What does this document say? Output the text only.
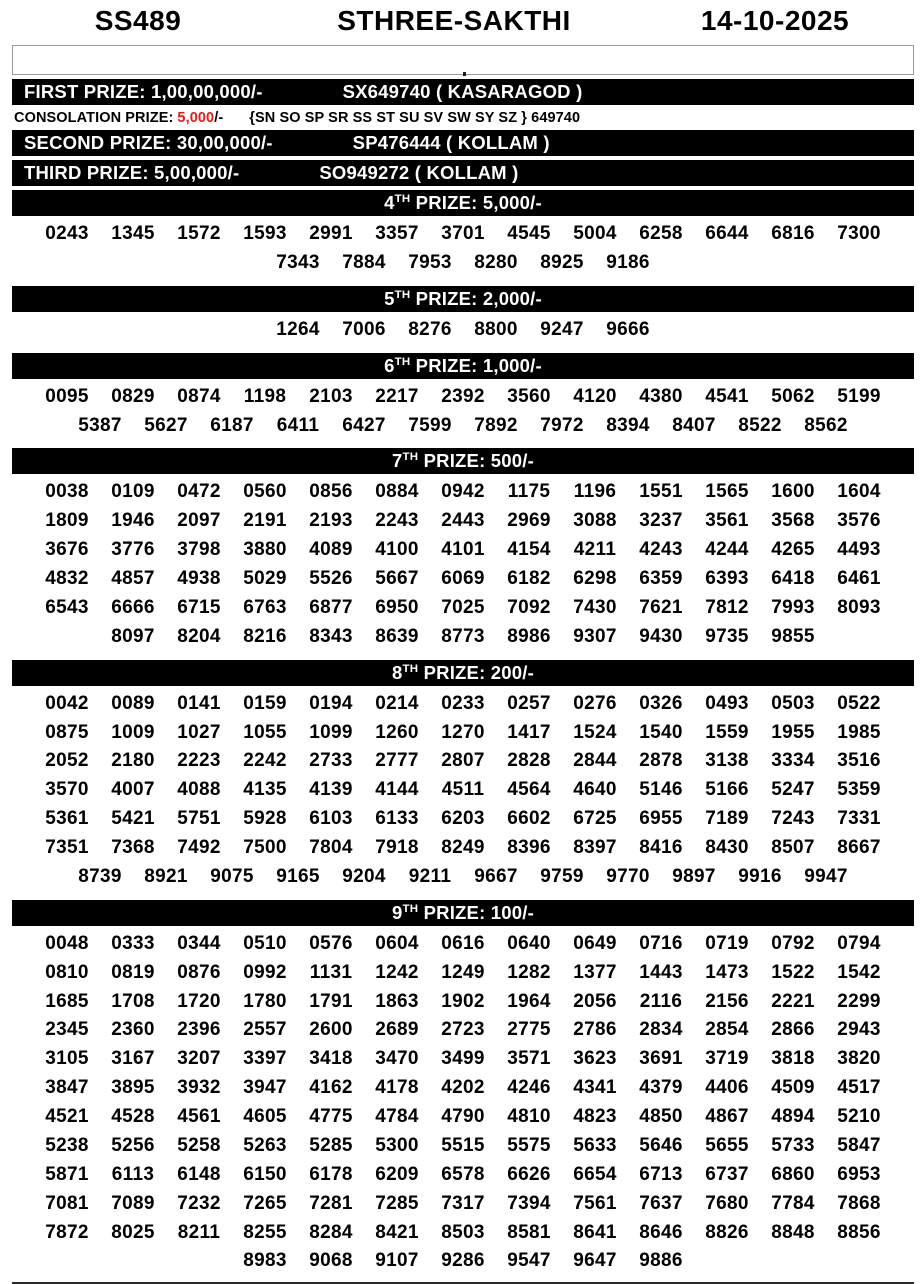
SS489	STHREE-SAKTHI	14-10-2025
FIRST PRIZE: 1,00,00,000/-	SX649740 ( KASARAGOD )
CONSOLATION PRIZE: 5,000 /- {SN SO SP SR SS ST SU SV SW SY SZ } 649740
SECOND PRIZE: 30,00,000/-	SP476444 ( KOLLAM )
THIRD PRIZE: 5,00,000/-	SO949272 ( KOLLAM )
4TH PRIZE: 5,000/-
0243	1345	1572	1593	2991	3357	3701	4545	5004	6258	6644	6816	7300
7343	7884	7953	8280	8925	9186
5TH PRIZE: 2,000/-
1264	7006	8276	8800	9247	9666
6TH PRIZE: 1,000/-
0095	0829	0874	1198	2103	2217	2392	3560	4120	4380	4541	5062	5199
5387	5627	6187	6411	6427	7599	7892	7972	8394	8407	8522	8562
7TH PRIZE: 500/-
0038	0109	0472	0560	0856	0884	0942	1175	1196	1551	1565	1600	1604
1809	1946	2097	2191	2193	2243	2443	2969	3088	3237	3561	3568	3576
3676	3776	3798	3880	4089	4100	4101	4154	4211	4243	4244	4265	4493
4832	4857	4938	5029	5526	5667	6069	6182	6298	6359	6393	6418	6461
6543	6666	6715	6763	6877	6950	7025	7092	7430	7621	7812	7993	8093
8097	8204	8216	8343	8639	8773	8986	9307	9430	9735	9855
8TH PRIZE: 200/-
0042	0089	0141	0159	0194	0214	0233	0257	0276	0326	0493	0503	0522
0875	1009	1027	1055	1099	1260	1270	1417	1524	1540	1559	1955	1985
2052	2180	2223	2242	2733	2777	2807	2828	2844	2878	3138	3334	3516
3570	4007	4088	4135	4139	4144	4511	4564	4640	5146	5166	5247	5359
5361	5421	5751	5928	6103	6133	6203	6602	6725	6955	7189	7243	7331
7351	7368	7492	7500	7804	7918	8249	8396	8397	8416	8430	8507	8667
8739	8921	9075	9165	9204	9211	9667	9759	9770	9897	9916	9947
9TH PRIZE: 100/-
0048	0333	0344	0510	0576	0604	0616	0640	0649	0716	0719	0792	0794
0810	0819	0876	0992	1131	1242	1249	1282	1377	1443	1473	1522	1542
1685	1708	1720	1780	1791	1863	1902	1964	2056	2116	2156	2221	2299
2345	2360	2396	2557	2600	2689	2723	2775	2786	2834	2854	2866	2943
3105	3167	3207	3397	3418	3470	3499	3571	3623	3691	3719	3818	3820
3847	3895	3932	3947	4162	4178	4202	4246	4341	4379	4406	4509	4517
4521	4528	4561	4605	4775	4784	4790	4810	4823	4850	4867	4894	5210
5238	5256	5258	5263	5285	5300	5515	5575	5633	5646	5655	5733	5847
5871	6113	6148	6150	6178	6209	6578	6626	6654	6713	6737	6860	6953
7081	7089	7232	7265	7281	7285	7317	7394	7561	7637	7680	7784	7868
7872	8025	8211	8255	8284	8421	8503	8581	8641	8646	8826	8848	8856
8983	9068	9107	9286	9547	9647	9886
